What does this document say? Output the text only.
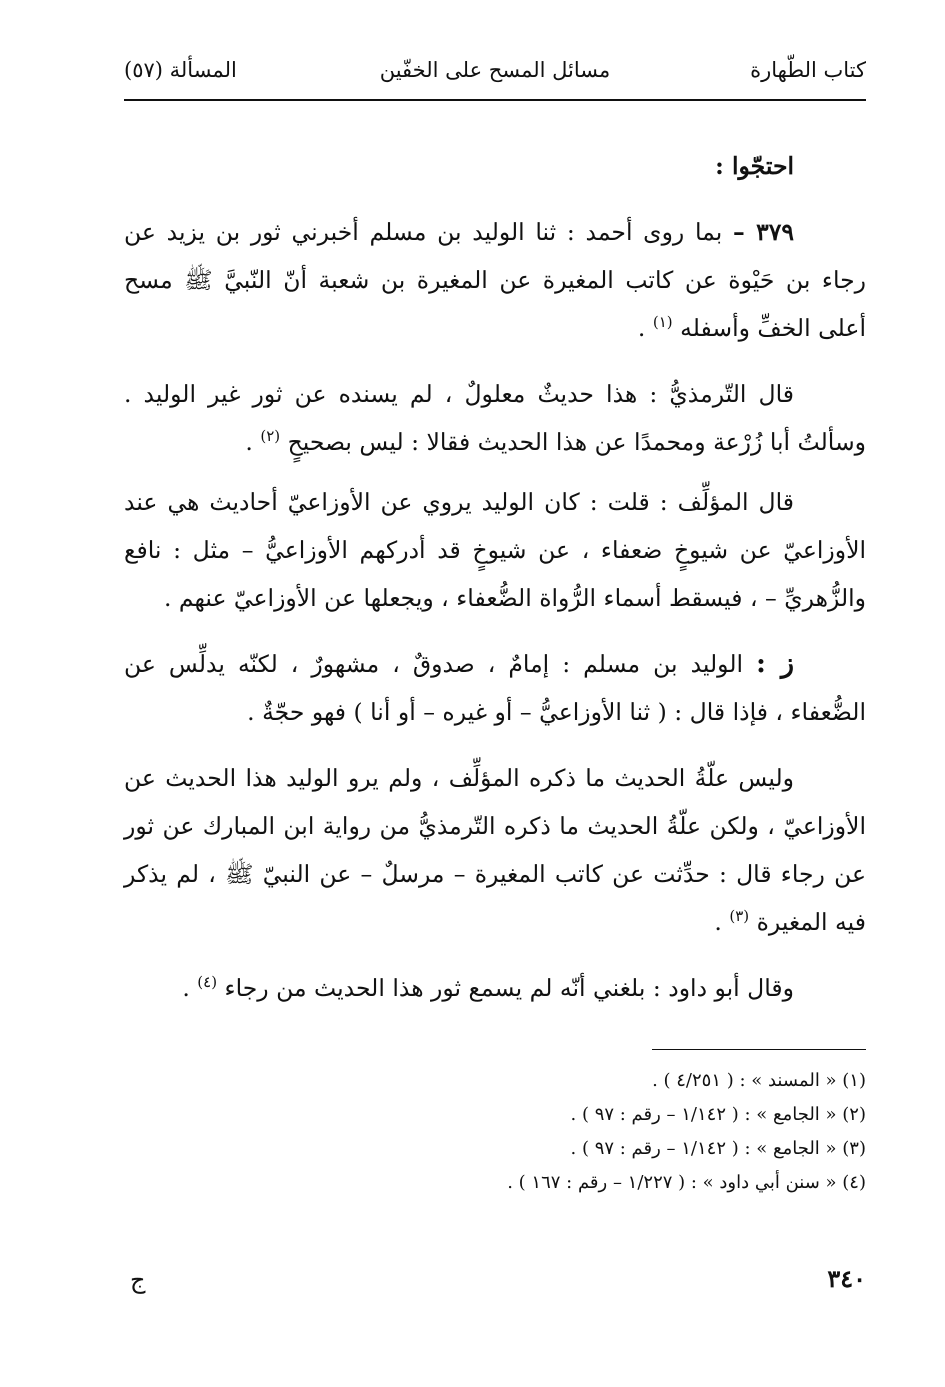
كتاب الطّهارة
مسائل المسح على الخفّين
المسألة (٥٧)

احتجّوا :

٣٧٩ – بما روى أحمد : ثنا الوليد بن مسلم أخبرني ثور بن يزيد عن رجاء بن حَيْوة عن كاتب المغيرة عن المغيرة بن شعبة أنّ النّبيَّ ﷺ مسح أعلى الخفِّ وأسفله $^{(١)}$ .

قال التّرمذيُّ : هذا حديثٌ معلولٌ ، لم يسنده عن ثور غير الوليد . وسألتُ أبا زُرْعة ومحمدًا عن هذا الحديث فقالا : ليس بصحيحٍ $^{(٢)}$ .

قال المؤلِّف : قلت : كان الوليد يروي عن الأوزاعيّ أحاديث هي عند الأوزاعيّ عن شيوخٍ ضعفاء ، عن شيوخٍ قد أدركهم الأوزاعيُّ – مثل : نافع والزُّهريِّ – ، فيسقط أسماء الرُّواة الضُّعفاء ، ويجعلها عن الأوزاعيّ عنهم .

ز : الوليد بن مسلم : إمامٌ ، صدوقٌ ، مشهورٌ ، لكنّه يدلِّس عن الضُّعفاء ، فإذا قال : ( ثنا الأوزاعيُّ – أو غيره – أو أنا ) فهو حجّةٌ .

وليس علّةُ الحديث ما ذكره المؤلِّف ، ولم يرو الوليد هذا الحديث عن الأوزاعيّ ، ولكن علّةُ الحديث ما ذكره التّرمذيُّ من رواية ابن المبارك عن ثور عن رجاء قال : حدِّثت عن كاتب المغيرة – مرسلٌ – عن النبيّ ﷺ ، لم يذكر فيه المغيرة $^{(٣)}$ .

وقال أبو داود : بلغني أنّه لم يسمع ثور هذا الحديث من رجاء $^{(٤)}$ .

(١) « المسند » : ( ٤/٢٥١ ) .
(٢) « الجامع » : ( ١/١٤٢ – رقم : ٩٧ ) .
(٣) « الجامع » : ( ١/١٤٢ – رقم : ٩٧ ) .
(٤) « سنن أبي داود » : ( ١/٢٢٧ – رقم : ١٦٧ ) .
٣٤٠
ج
